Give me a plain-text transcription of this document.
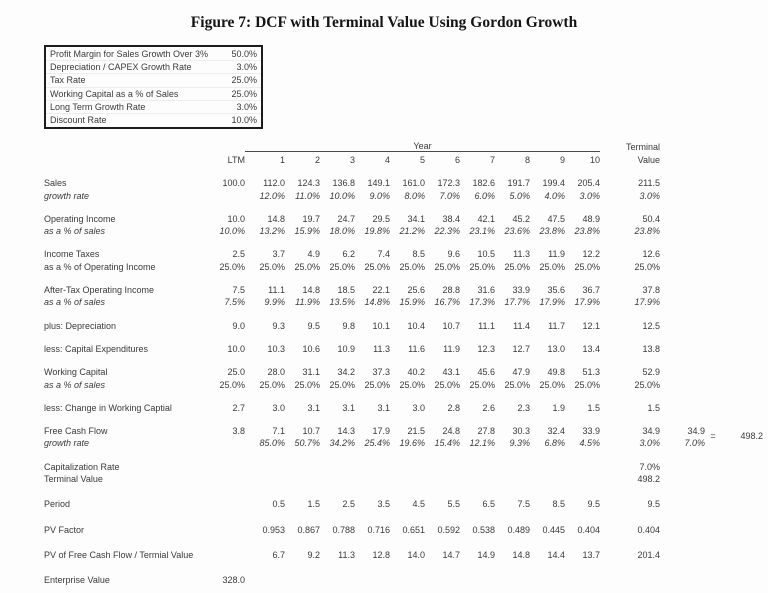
Figure 7: DCF with Terminal Value Using Gordon Growth
Profit Margin for Sales Growth Over 3%	50.0%
Depreciation / CAPEX Growth Rate	3.0%
Tax Rate	25.0%
Working Capital as a % of Sales	25.0%
Long Term Growth Rate	3.0%
Discount Rate	10.0%
		Year										Terminal			
	LTM	1	2	3	4	5	6	7	8	9	10	Value			
Sales	100.0	112.0	124.3	136.8	149.1	161.0	172.3	182.6	191.7	199.4	205.4	211.5			
growth rate		12.0%	11.0%	10.0%	9.0%	8.0%	7.0%	6.0%	5.0%	4.0%	3.0%	3.0%			
Operating Income	10.0	14.8	19.7	24.7	29.5	34.1	38.4	42.1	45.2	47.5	48.9	50.4			
as a % of sales	10.0%	13.2%	15.9%	18.0%	19.8%	21.2%	22.3%	23.1%	23.6%	23.8%	23.8%	23.8%			
Income Taxes	2.5	3.7	4.9	6.2	7.4	8.5	9.6	10.5	11.3	11.9	12.2	12.6			
as a % of Operating Income	25.0%	25.0%	25.0%	25.0%	25.0%	25.0%	25.0%	25.0%	25.0%	25.0%	25.0%	25.0%			
After-Tax Operating Income	7.5	11.1	14.8	18.5	22.1	25.6	28.8	31.6	33.9	35.6	36.7	37.8			
as a % of sales	7.5%	9.9%	11.9%	13.5%	14.8%	15.9%	16.7%	17.3%	17.7%	17.9%	17.9%	17.9%			
plus: Depreciation	9.0	9.3	9.5	9.8	10.1	10.4	10.7	11.1	11.4	11.7	12.1	12.5			
less: Capital Expenditures	10.0	10.3	10.6	10.9	11.3	11.6	11.9	12.3	12.7	13.0	13.4	13.8			
Working Capital	25.0	28.0	31.1	34.2	37.3	40.2	43.1	45.6	47.9	49.8	51.3	52.9			
as a % of sales	25.0%	25.0%	25.0%	25.0%	25.0%	25.0%	25.0%	25.0%	25.0%	25.0%	25.0%	25.0%			
less: Change in Working Captial	2.7	3.0	3.1	3.1	3.1	3.0	2.8	2.6	2.3	1.9	1.5	1.5			
Free Cash Flow	3.8	7.1	10.7	14.3	17.9	21.5	24.8	27.8	30.3	32.4	33.9	34.9	34.9	=	498.2
growth rate		85.0%	50.7%	34.2%	25.4%	19.6%	15.4%	12.1%	9.3%	6.8%	4.5%	3.0%	7.0%		
Capitalization Rate												7.0%			
Terminal Value												498.2			
Period		0.5	1.5	2.5	3.5	4.5	5.5	6.5	7.5	8.5	9.5	9.5			
PV Factor		0.953	0.867	0.788	0.716	0.651	0.592	0.538	0.489	0.445	0.404	0.404			
PV of Free Cash Flow / Termial Value		6.7	9.2	11.3	12.8	14.0	14.7	14.9	14.8	14.4	13.7	201.4			
Enterprise Value	328.0														
